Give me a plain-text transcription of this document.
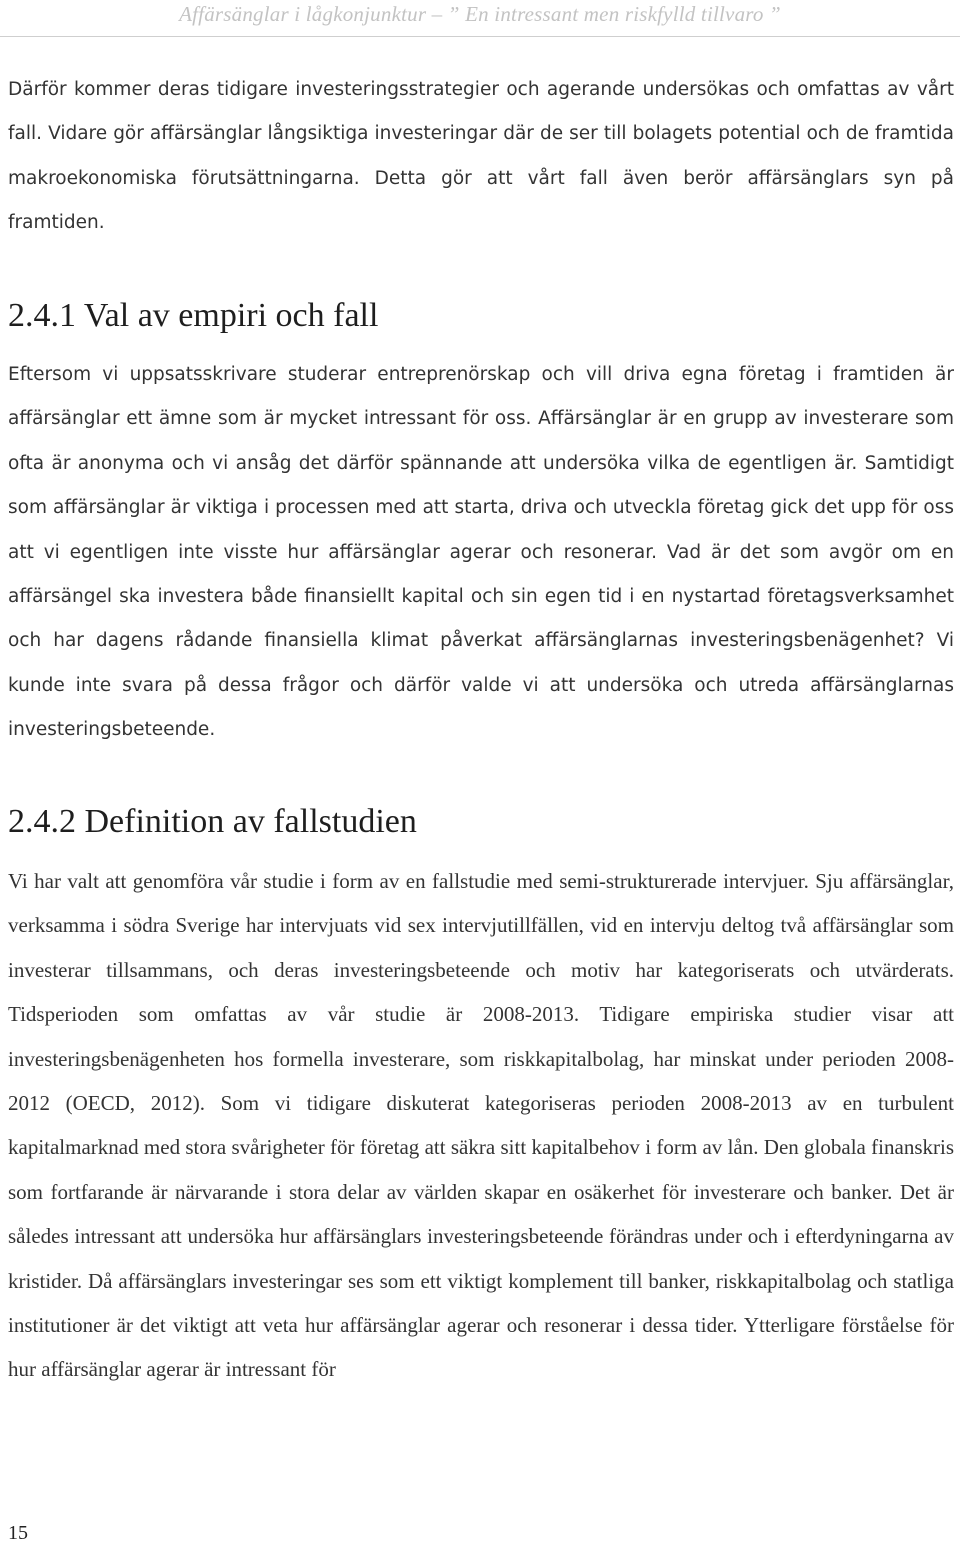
Affärsänglar i lågkonjunktur – ” En intressant men riskfylld tillvaro ”

Därför kommer deras tidigare investeringsstrategier och agerande undersökas och omfattas av vårt fall. Vidare gör affärsänglar långsiktiga investeringar där de ser till bolagets potential och de framtida makroekonomiska förutsättningarna. Detta gör att vårt fall även berör affärsänglars syn på framtiden.

2.4.1 Val av empiri och fall

Eftersom vi uppsatsskrivare studerar entreprenörskap och vill driva egna företag i framtiden är affärsänglar ett ämne som är mycket intressant för oss. Affärsänglar är en grupp av investerare som ofta är anonyma och vi ansåg det därför spännande att undersöka vilka de egentligen är. Samtidigt som affärsänglar är viktiga i processen med att starta, driva och utveckla företag gick det upp för oss att vi egentligen inte visste hur affärsänglar agerar och resonerar. Vad är det som avgör om en affärsängel ska investera både finansiellt kapital och sin egen tid i en nystartad företagsverksamhet och har dagens rådande finansiella klimat påverkat affärsänglarnas investeringsbenägenhet? Vi kunde inte svara på dessa frågor och därför valde vi att undersöka och utreda affärsänglarnas investeringsbeteende.

2.4.2 Definition av fallstudien

Vi har valt att genomföra vår studie i form av en fallstudie med semi-strukturerade intervjuer. Sju affärsänglar, verksamma i södra Sverige har intervjuats vid sex intervjutillfällen, vid en intervju deltog två affärsänglar som investerar tillsammans, och deras investeringsbeteende och motiv har kategoriserats och utvärderats. Tidsperioden som omfattas av vår studie är 2008-2013. Tidigare empiriska studier visar att investeringsbenägenheten hos formella investerare, som riskkapitalbolag, har minskat under perioden 2008-2012 (OECD, 2012). Som vi tidigare diskuterat kategoriseras perioden 2008-2013 av en turbulent kapitalmarknad med stora svårigheter för företag att säkra sitt kapitalbehov i form av lån. Den globala finanskris som fortfarande är närvarande i stora delar av världen skapar en osäkerhet för investerare och banker. Det är således intressant att undersöka hur affärsänglars investeringsbeteende förändras under och i efterdyningarna av kristider. Då affärsänglars investeringar ses som ett viktigt komplement till banker, riskkapitalbolag och statliga institutioner är det viktigt att veta hur affärsänglar agerar och resonerar i dessa tider. Ytterligare förståelse för hur affärsänglar agerar är intressant för

15
